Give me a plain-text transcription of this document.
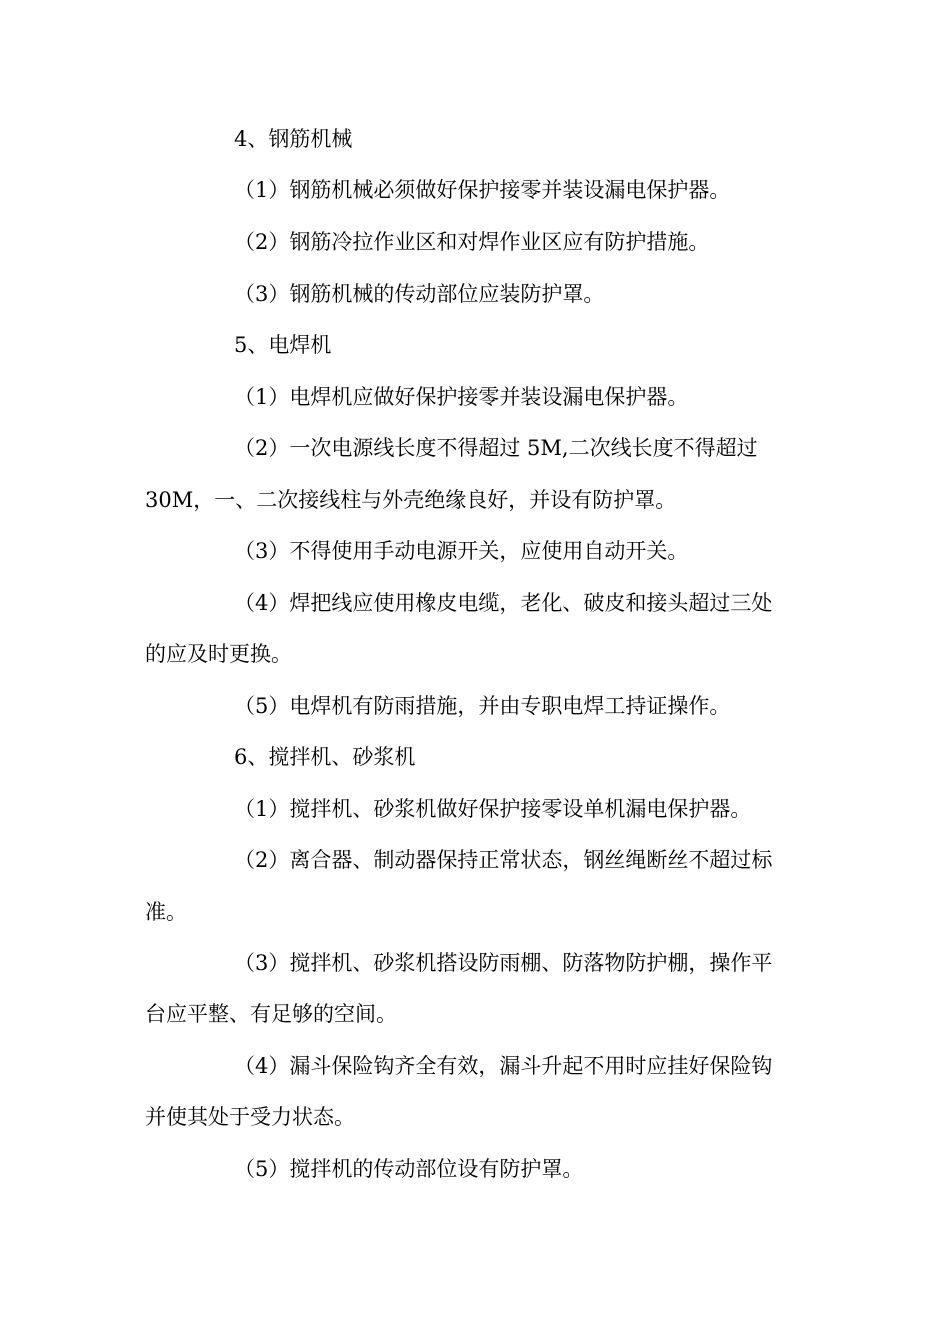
4、钢筋机械
（1）钢筋机械必须做好保护接零并装设漏电保护器。
（2）钢筋冷拉作业区和对焊作业区应有防护措施。
（3）钢筋机械的传动部位应装防护罩。
5、电焊机
（1）电焊机应做好保护接零并装设漏电保护器。
（2）一次电源线长度不得超过 5M,二次线长度不得超过
30M，一、二次接线柱与外壳绝缘良好，并设有防护罩。
（3）不得使用手动电源开关，应使用自动开关。
（4）焊把线应使用橡皮电缆，老化、破皮和接头超过三处
的应及时更换。
（5）电焊机有防雨措施，并由专职电焊工持证操作。
6、搅拌机、砂浆机
（1）搅拌机、砂浆机做好保护接零设单机漏电保护器。
（2）离合器、制动器保持正常状态，钢丝绳断丝不超过标
准。
（3）搅拌机、砂浆机搭设防雨棚、防落物防护棚，操作平
台应平整、有足够的空间。
（4）漏斗保险钩齐全有效，漏斗升起不用时应挂好保险钩
并使其处于受力状态。
（5）搅拌机的传动部位设有防护罩。
